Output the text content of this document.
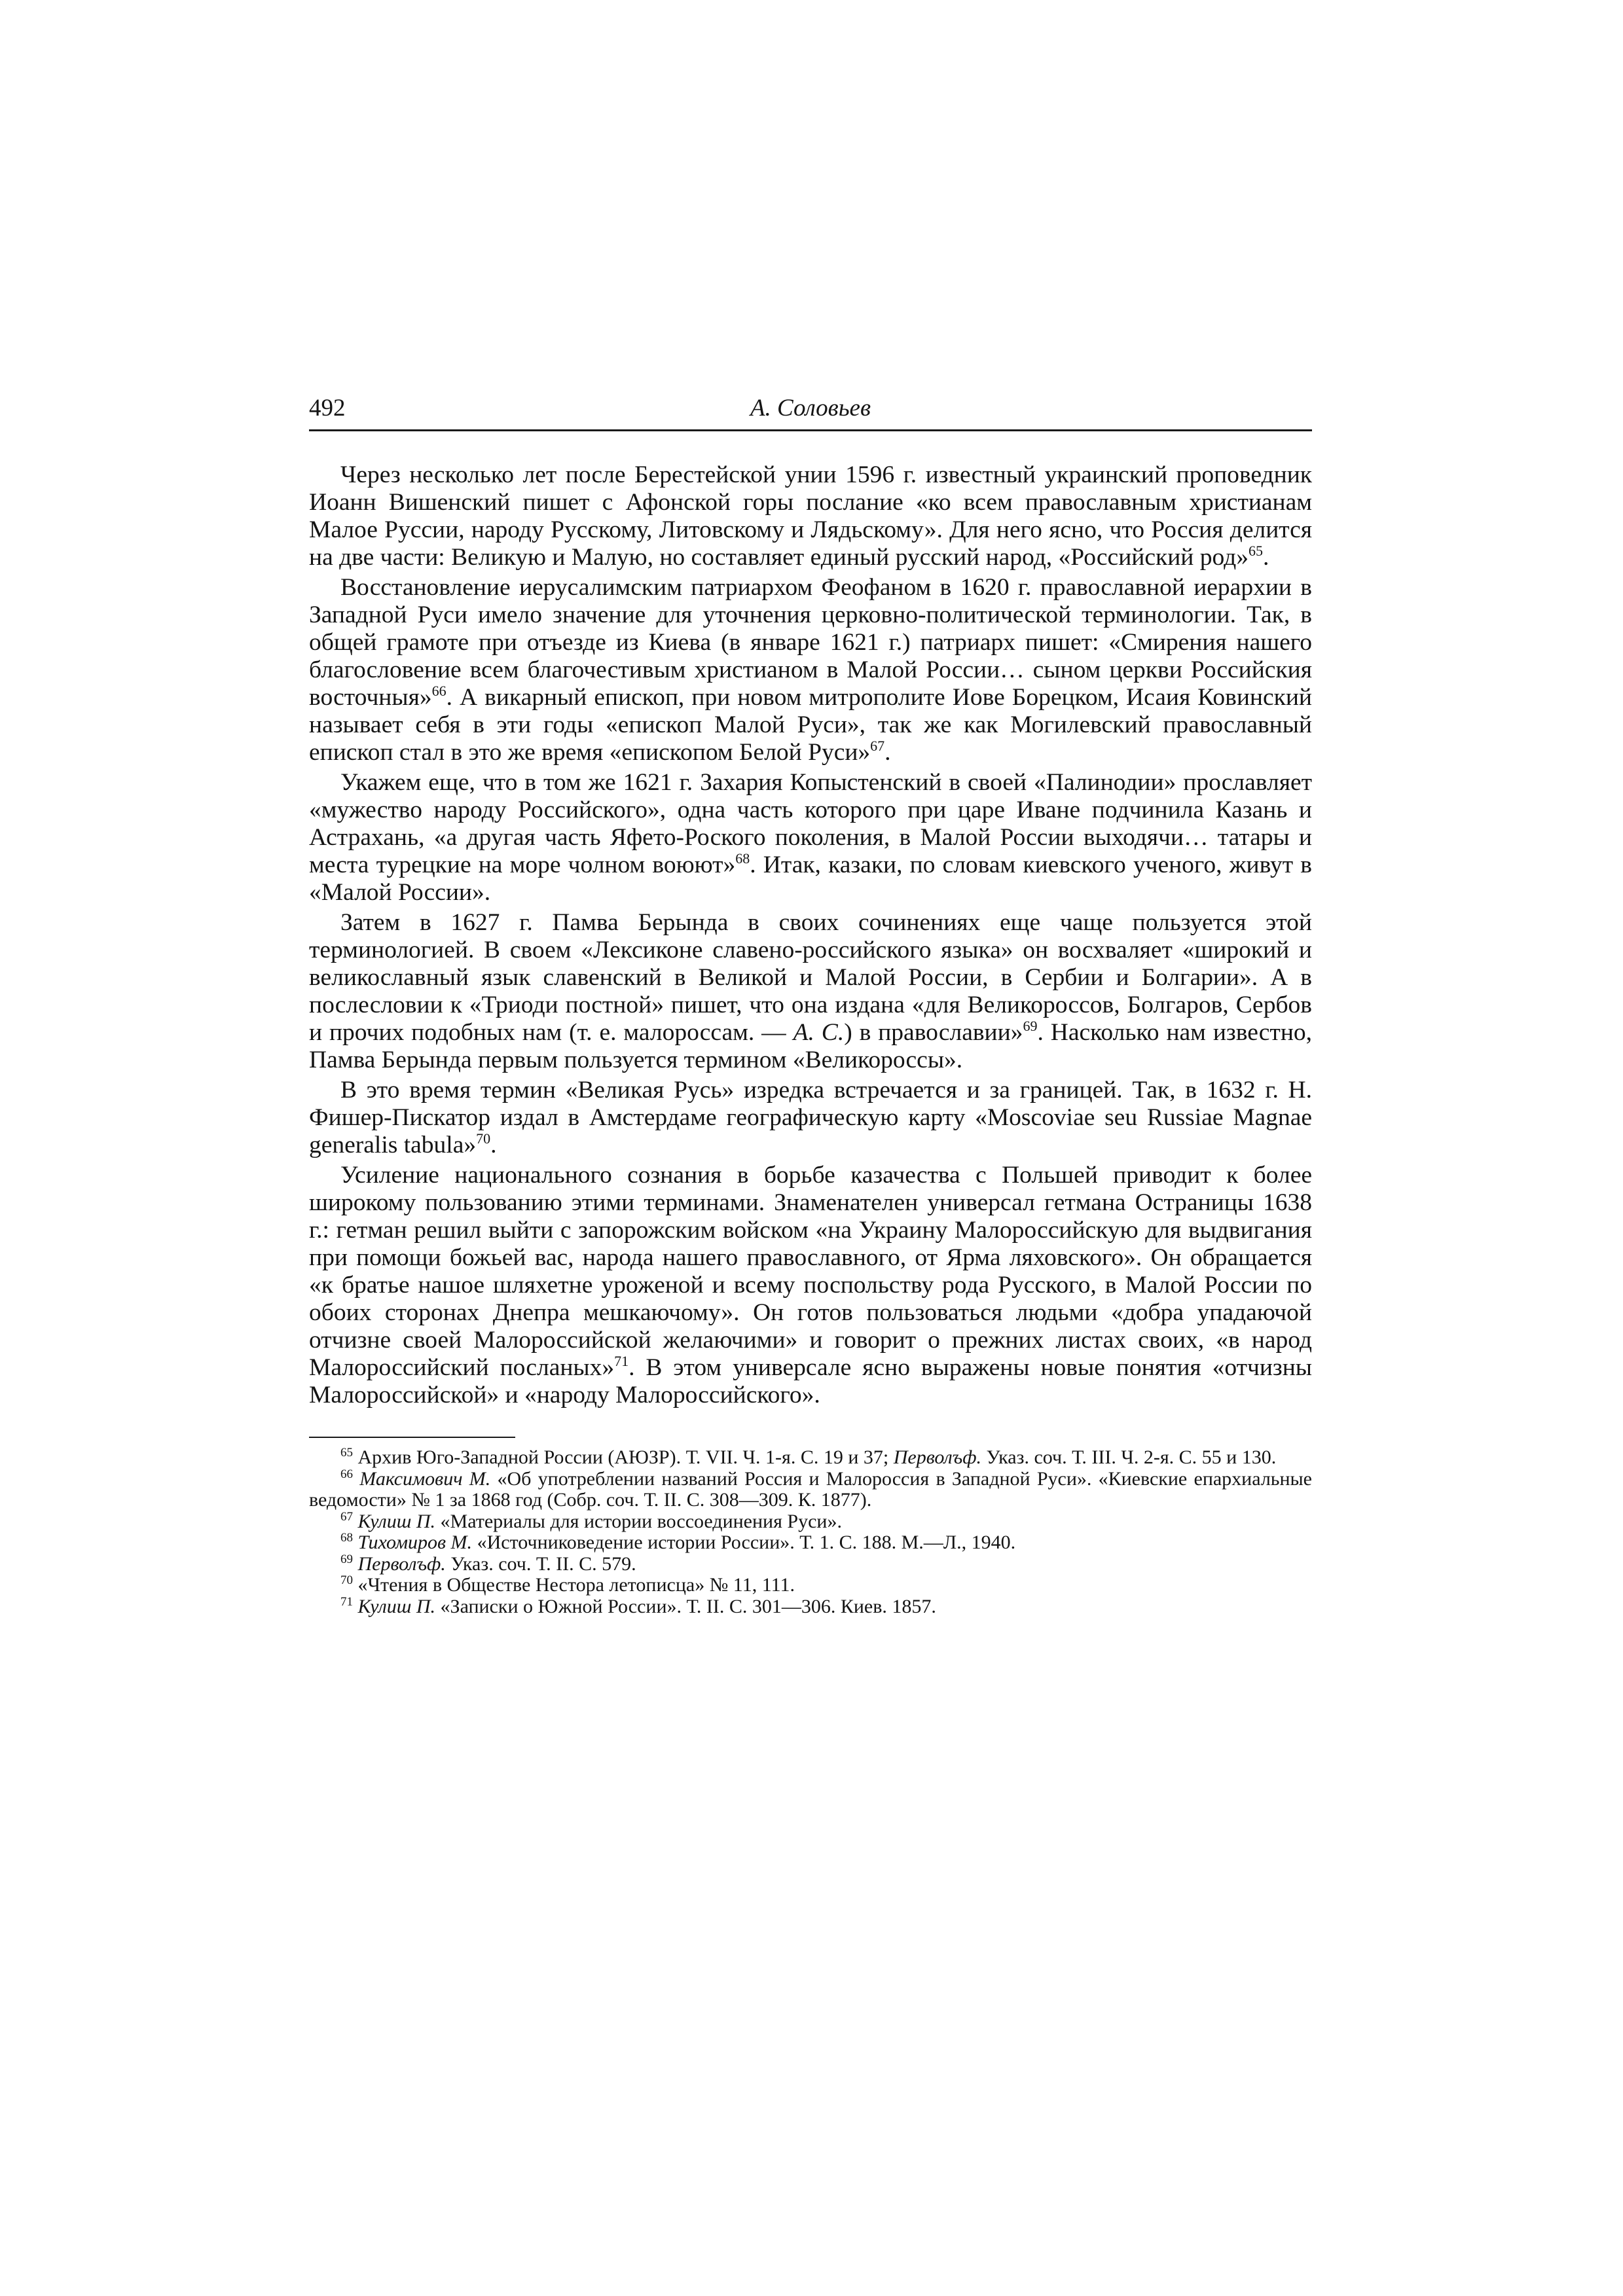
492	А. Соловьев

Через несколько лет после Берестейской унии 1596 г. известный украинский проповедник Иоанн Вишенский пишет с Афонской горы послание «ко всем православным христианам Малое Руссии, народу Русскому, Литовскому и Лядьскому». Для него ясно, что Россия делится на две части: Великую и Малую, но составляет единый русский народ, «Российский род»$^{65}$.

Восстановление иерусалимским патриархом Феофаном в 1620 г. православной иерархии в Западной Руси имело значение для уточнения церковно-политической терминологии. Так, в общей грамоте при отъезде из Киева (в январе 1621 г.) патриарх пишет: «Смирения нашего благословение всем благочестивым христианом в Малой России… сыном церкви Российския восточныя»$^{66}$. А викарный епископ, при новом митрополите Иове Борецком, Исаия Ковинский называет себя в эти годы «епископ Малой Руси», так же как Могилевский православный епископ стал в это же время «епископом Белой Руси»$^{67}$.

Укажем еще, что в том же 1621 г. Захария Копыстенский в своей «Палинодии» прославляет «мужество народу Российского», одна часть которого при царе Иване подчинила Казань и Астрахань, «а другая часть Яфето-Роского поколения, в Малой России выходячи… татары и места турецкие на море чолном воюют»$^{68}$. Итак, казаки, по словам киевского ученого, живут в «Малой России».

Затем в 1627 г. Памва Берында в своих сочинениях еще чаще пользуется этой терминологией. В своем «Лексиконе славено-российского языка» он восхваляет «широкий и великославный язык славенский в Великой и Малой России, в Сербии и Болгарии». А в послесловии к «Триоди постной» пишет, что она издана «для Великороссов, Болгаров, Сербов и прочих подобных нам (т. е. малороссам. — А. С.) в православии»$^{69}$. Насколько нам известно, Памва Берында первым пользуется термином «Великороссы».

В это время термин «Великая Русь» изредка встречается и за границей. Так, в 1632 г. Н. Фишер-Пискатор издал в Амстердаме географическую карту «Moscoviae seu Russiae Magnae generalis tabula»$^{70}$.

Усиление национального сознания в борьбе казачества с Польшей приводит к более широкому пользованию этими терминами. Знаменателен универсал гетмана Остраницы 1638 г.: гетман решил выйти с запорожским войском «на Украину Малороссийскую для выдвигания при помощи божьей вас, народа нашего православного, от Ярма ляховского». Он обращается «к братье нашое шляхетне уроженой и всему поспольству рода Русского, в Малой России по обоих сторонах Днепра мешкаючому». Он готов пользоваться людьми «добра упадаючой отчизне своей Малороссийской желаючими» и говорит о прежних листах своих, «в народ Малороссийский посланых»$^{71}$. В этом универсале ясно выражены новые понятия «отчизны Малороссийской» и «народу Малороссийского».

$^{65}$ Архив Юго-Западной России (АЮЗР). Т. VII. Ч. 1-я. С. 19 и 37; Перволъф. Указ. соч. Т. III. Ч. 2-я. С. 55 и 130.

$^{66}$ Максимович М. «Об употреблении названий Россия и Малороссия в Западной Руси». «Киевские епархиальные ведомости» № 1 за 1868 год (Собр. соч. Т. II. С. 308—309. К. 1877).

$^{67}$ Кулиш П. «Материалы для истории воссоединения Руси».

$^{68}$ Тихомиров М. «Источниковедение истории России». Т. 1. С. 188. М.—Л., 1940.

$^{69}$ Перволъф. Указ. соч. Т. II. С. 579.

$^{70}$ «Чтения в Обществе Нестора летописца» № 11, 111.

$^{71}$ Кулиш П. «Записки о Южной России». Т. II. С. 301—306. Киев. 1857.
